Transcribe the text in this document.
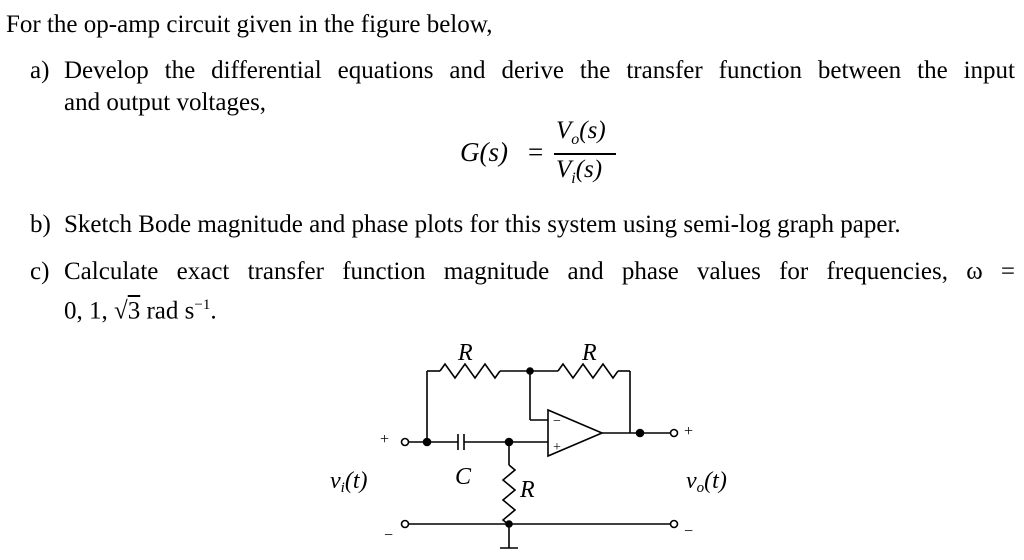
For the op-amp circuit given in the figure below,
a) Develop the differential equations and derive the transfer function between the input
and output voltages,
G(s) =
$V_o(s)$
$V_i(s)$
b) Sketch Bode magnitude and phase plots for this system using semi-log graph paper.
c) Calculate exact transfer function magnitude and phase values for frequencies, ω =
0, 1, √3 rad $s^{-1}$.
R	R
C R
+
−
+
−
−
+
vi(t)	vo(t)
